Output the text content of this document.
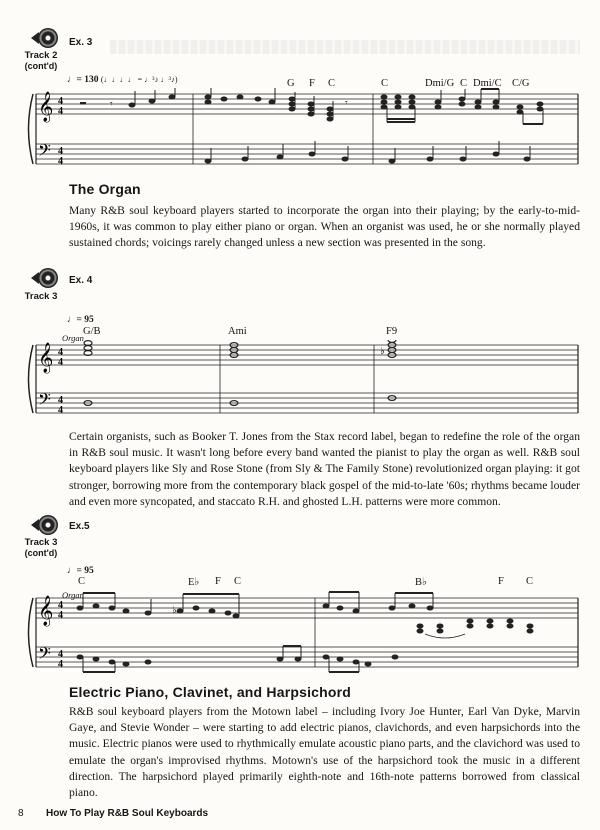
Track 2
(cont'd)
Ex. 3
♩= 130 (♩♩♩♩ = ♩³♪ ♩³♪)	G F C	C	Dmi/G C Dmi/C C/G
𝄞
𝄢
4
4
4
4
𝄾	𝄾
The Organ
Many R&B soul keyboard players started to incorporate the organ into their playing; by the early-to-mid-1960s, it was common to play either piano or organ. When an organist was used, he or she normally played sustained chords; voicings rarely changed unless a new section was presented in the song.
Track 3
Ex. 4
♩= 95
G/B
Organ
Ami	F9
𝄞
𝄢
4
4
4
4
♭
Certain organists, such as Booker T. Jones from the Stax record label, began to redefine the role of the organ in R&B soul music. It wasn't long before every band wanted the pianist to play the organ as well. R&B soul keyboard players like Sly and Rose Stone (from Sly & The Family Stone) revolutionized organ playing: it got stronger, borrowing more from the contemporary black gospel of the mid-to-late '60s; rhythms became louder and even more syncopated, and staccato R.H. and ghosted L.H. patterns were more common.
Track 3
(cont'd)
Ex.5
♩= 95
C
Organ
E♭ F C	B♭	F C
𝄞
𝄢
4
4
4
4
♭
Electric Piano, Clavinet, and Harpsichord
R&B soul keyboard players from the Motown label – including Ivory Joe Hunter, Earl Van Dyke, Marvin Gaye, and Stevie Wonder – were starting to add electric pianos, clavichords, and even harpsichords into the music. Electric pianos were used to rhythmically emulate acoustic piano parts, and the clavichord was used to emulate the organ's improvised rhythms. Motown's use of the harpsichord took the music in a different direction. The harpsichord played primarily eighth-note and 16th-note patterns borrowed from classical piano.
8 How To Play R&B Soul Keyboards
